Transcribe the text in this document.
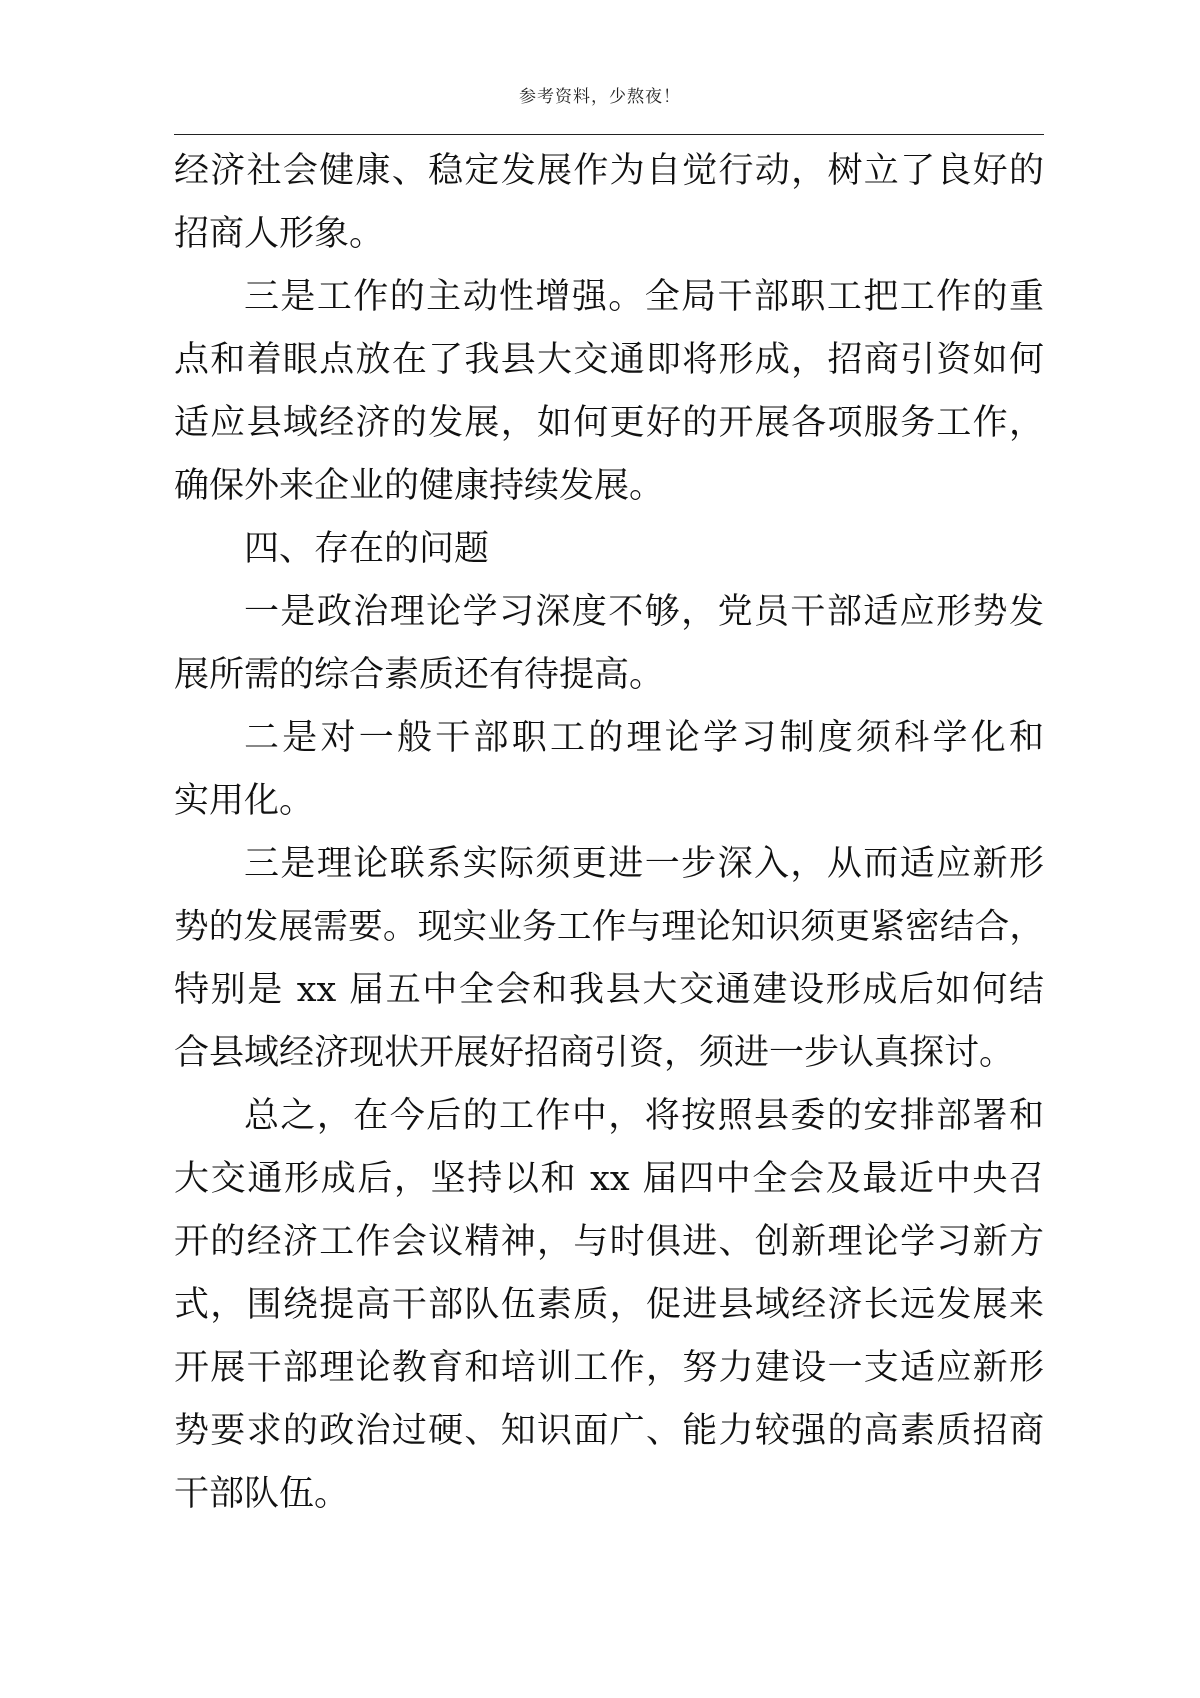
参考资料，少熬夜！
经济社会健康、稳定发展作为自觉行动，树立了良好的
招商人形象。
三是工作的主动性增强。全局干部职工把工作的重
点和着眼点放在了我县大交通即将形成，招商引资如何
适应县域经济的发展，如何更好的开展各项服务工作，
确保外来企业的健康持续发展。
四、存在的问题
一是政治理论学习深度不够，党员干部适应形势发
展所需的综合素质还有待提高。
二是对一般干部职工的理论学习制度须科学化和
实用化。
三是理论联系实际须更进一步深入，从而适应新形
势的发展需要。现实业务工作与理论知识须更紧密结合，
特别是 xx 届五中全会和我县大交通建设形成后如何结
合县域经济现状开展好招商引资，须进一步认真探讨。
总之，在今后的工作中，将按照县委的安排部署和
大交通形成后，坚持以和 xx 届四中全会及最近中央召
开的经济工作会议精神，与时俱进、创新理论学习新方
式，围绕提高干部队伍素质，促进县域经济长远发展来
开展干部理论教育和培训工作，努力建设一支适应新形
势要求的政治过硬、知识面广、能力较强的高素质招商
干部队伍。
